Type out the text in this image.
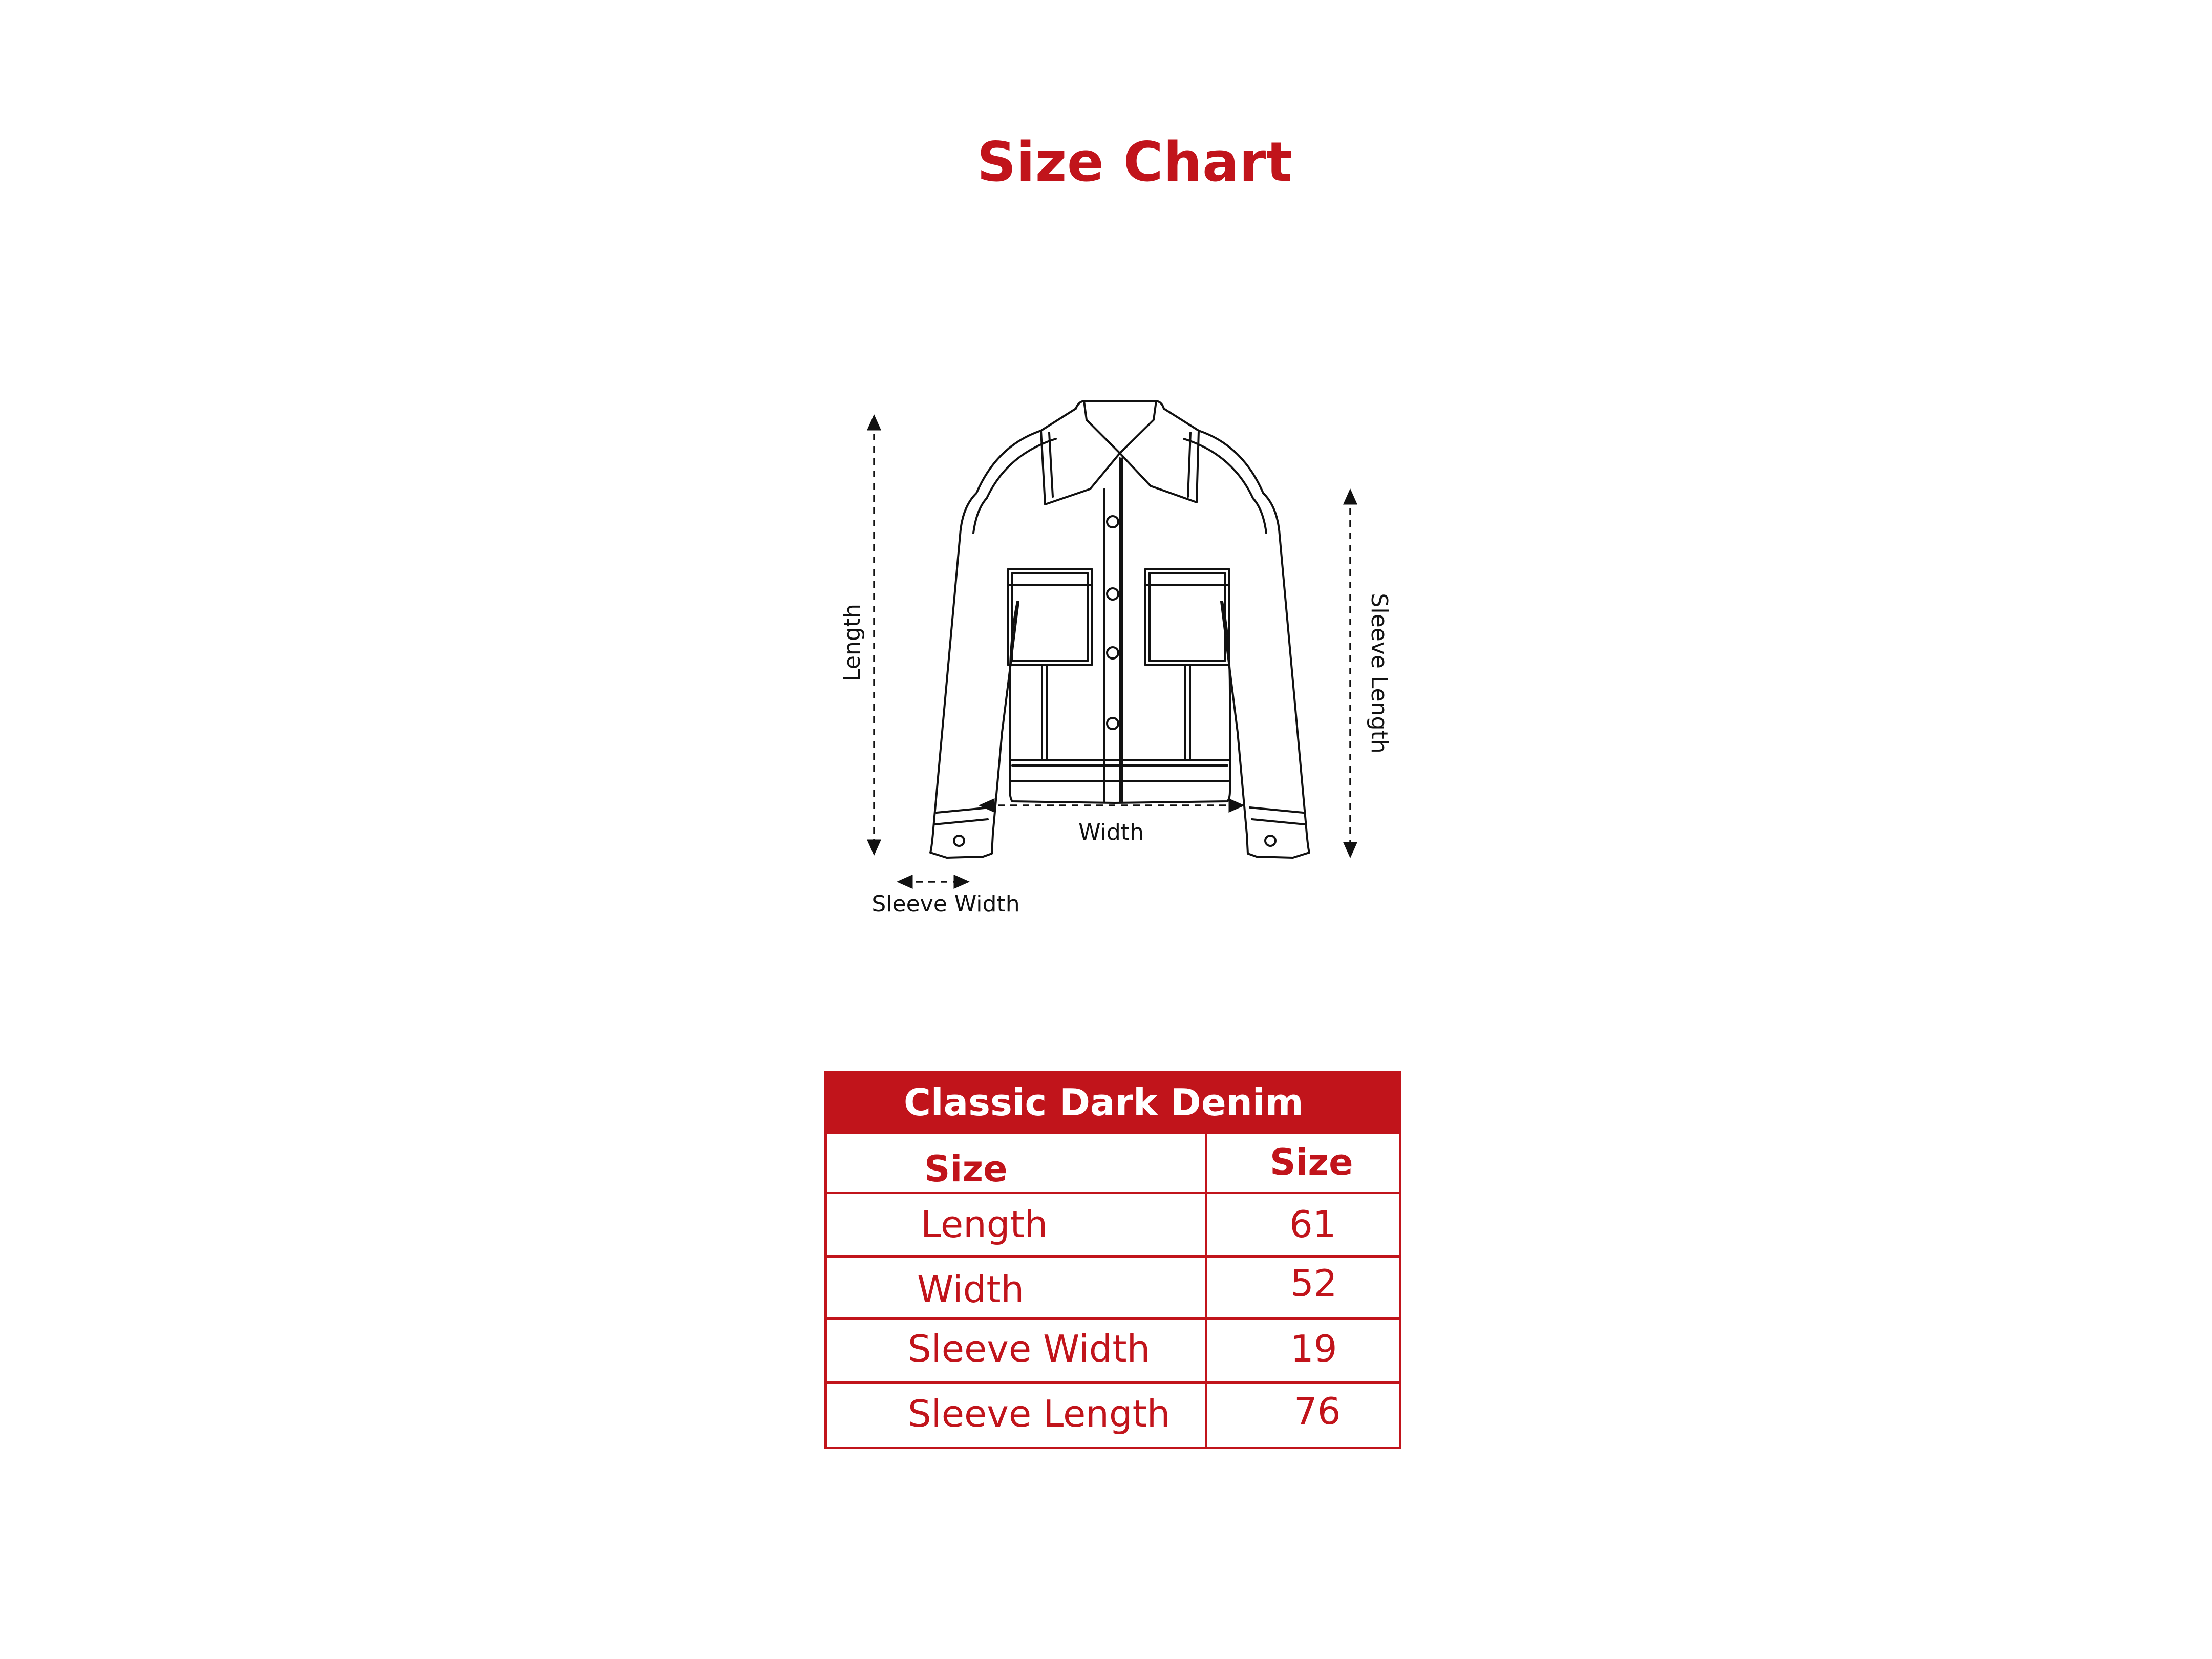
Size Chart
Length	Sleeve Length
Width
Sleeve Width
Classic Dark Denim
Size	Size
Length	61
Width	52
Sleeve Width	19
Sleeve Length	76
